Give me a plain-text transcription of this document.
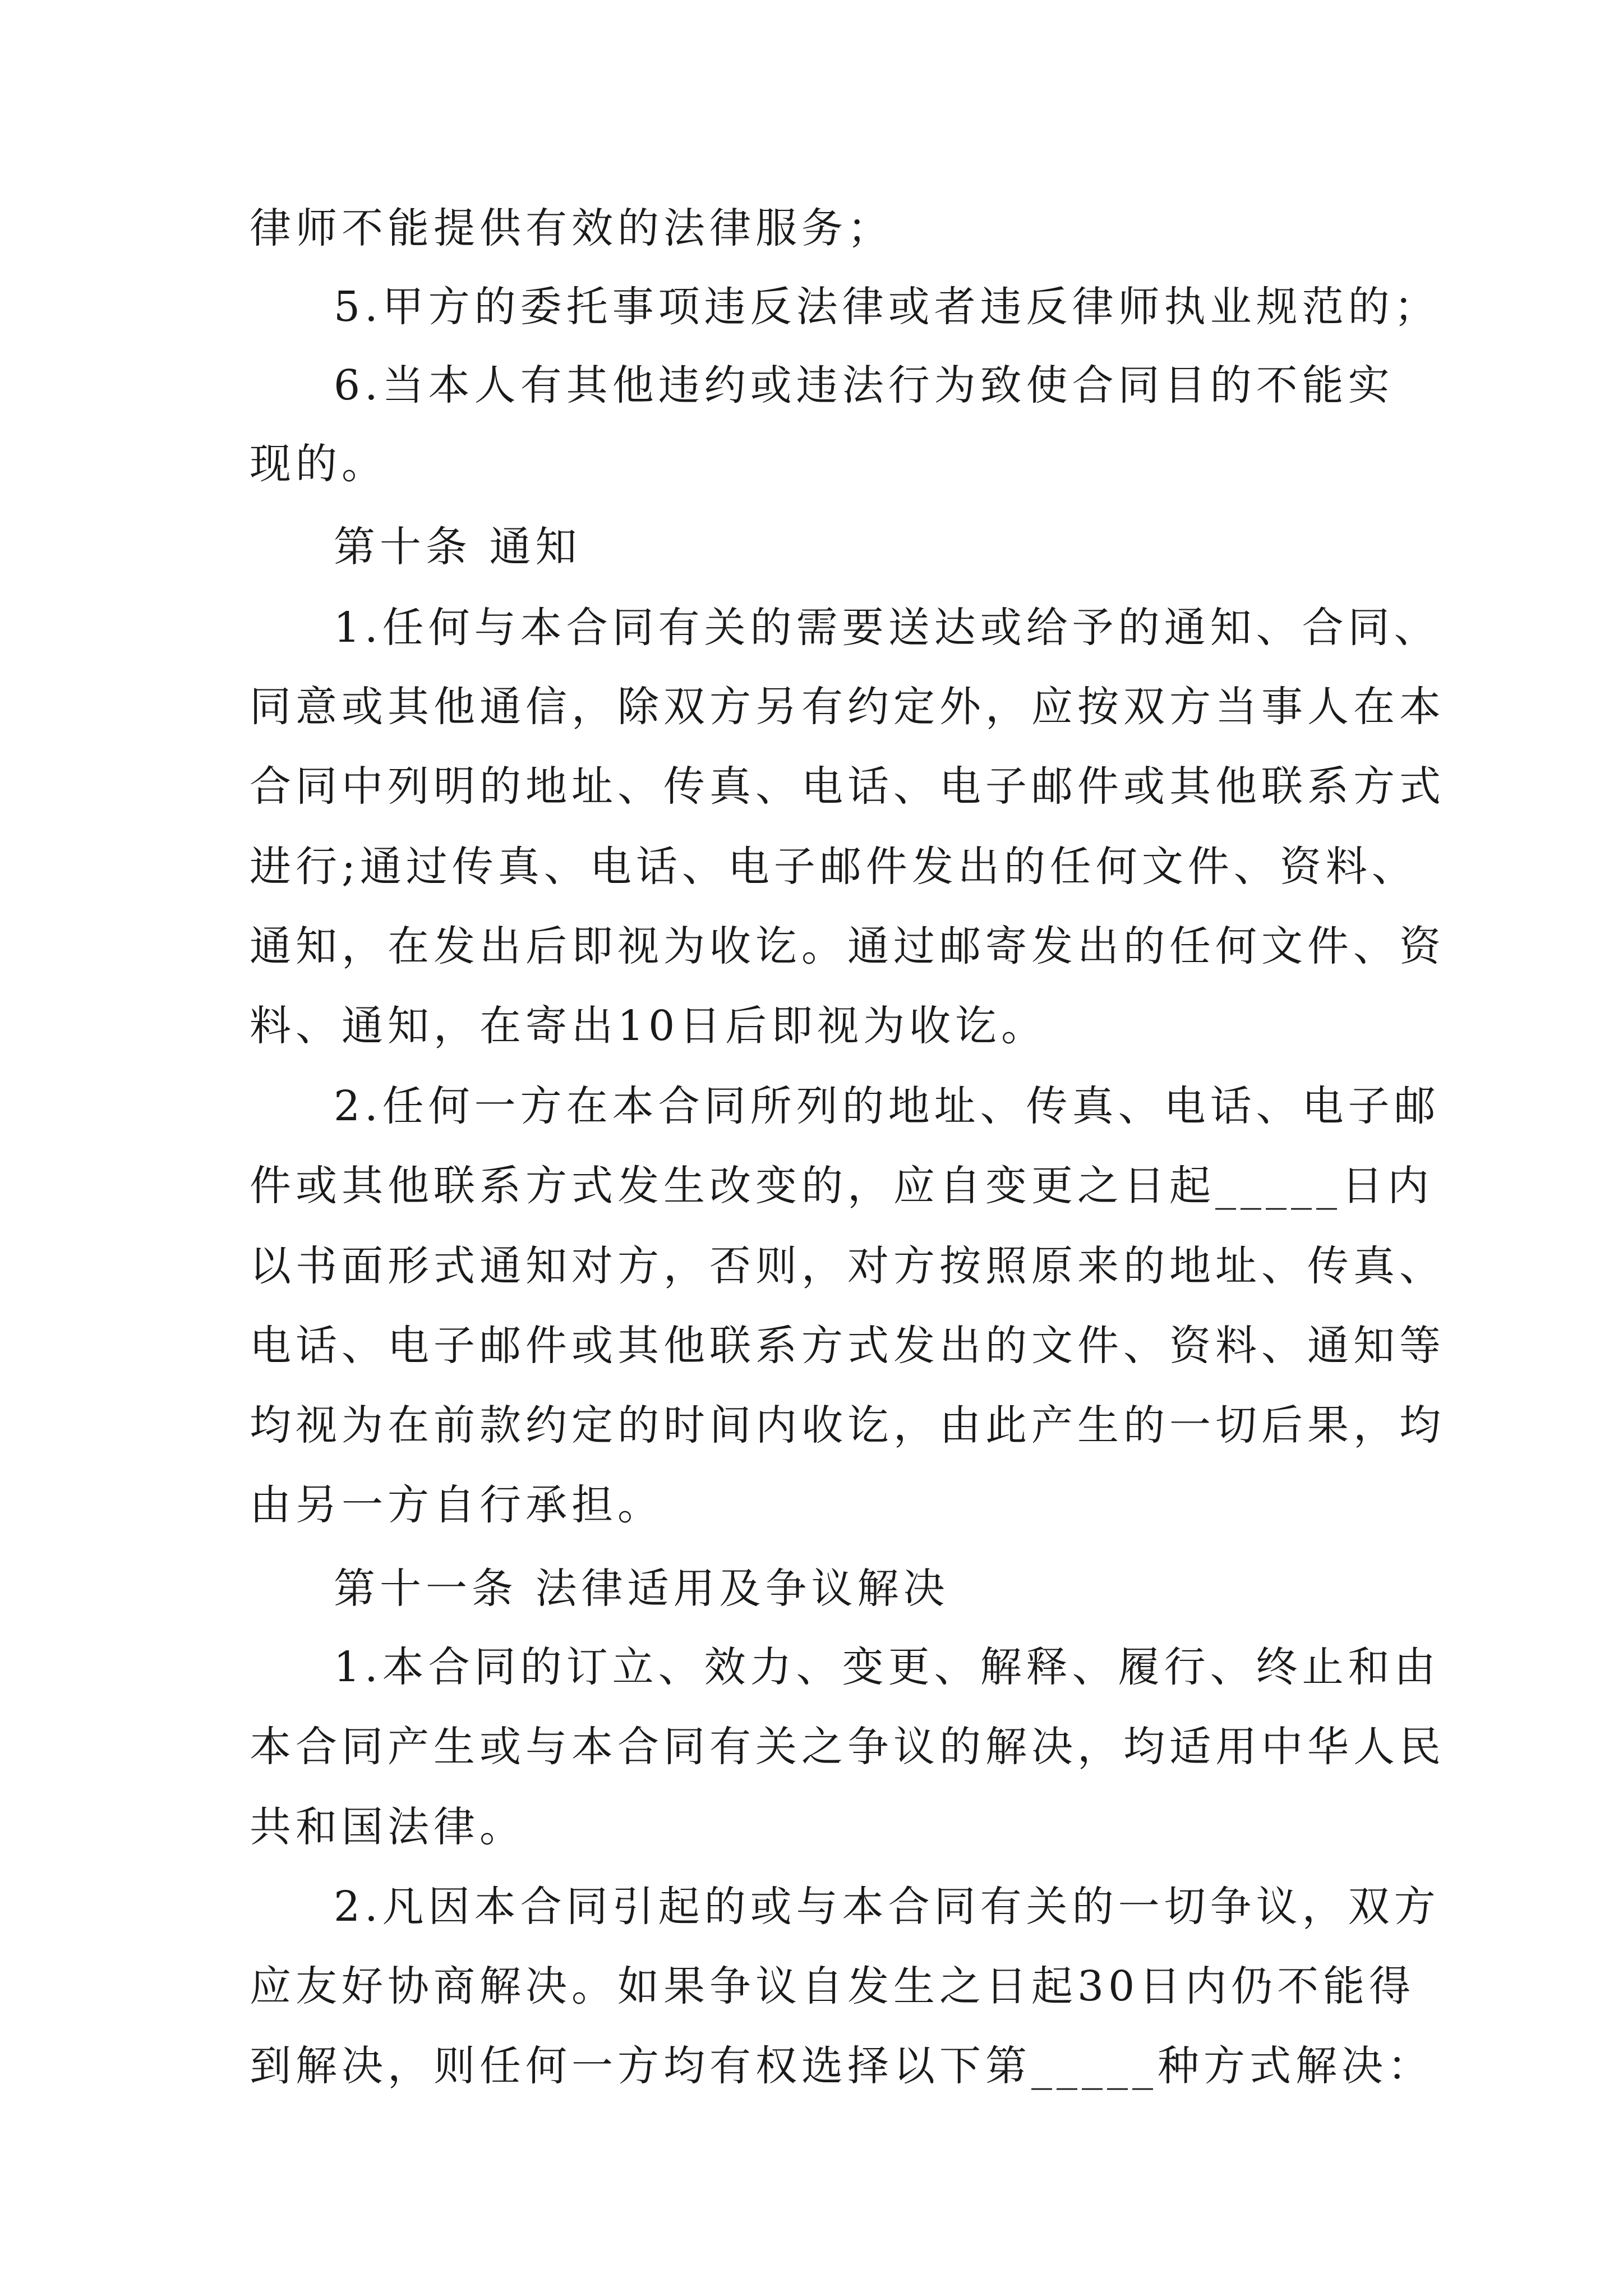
律师不能提供有效的法律服务；
5.甲方的委托事项违反法律或者违反律师执业规范的；
6.当本人有其他违约或违法行为致使合同目的不能实
现的。
第十条 通知
1.任何与本合同有关的需要送达或给予的通知、合同、
同意或其他通信，除双方另有约定外，应按双方当事人在本
合同中列明的地址、传真、电话、电子邮件或其他联系方式
进行;通过传真、电话、电子邮件发出的任何文件、资料、
通知，在发出后即视为收讫。通过邮寄发出的任何文件、资
料、通知，在寄出10日后即视为收讫。
2.任何一方在本合同所列的地址、传真、电话、电子邮
件或其他联系方式发生改变的，应自变更之日起_____日内
以书面形式通知对方，否则，对方按照原来的地址、传真、
电话、电子邮件或其他联系方式发出的文件、资料、通知等
均视为在前款约定的时间内收讫，由此产生的一切后果，均
由另一方自行承担。
第十一条 法律适用及争议解决
1.本合同的订立、效力、变更、解释、履行、终止和由
本合同产生或与本合同有关之争议的解决，均适用中华人民
共和国法律。
2.凡因本合同引起的或与本合同有关的一切争议，双方
应友好协商解决。如果争议自发生之日起30日内仍不能得
到解决，则任何一方均有权选择以下第_____种方式解决：
